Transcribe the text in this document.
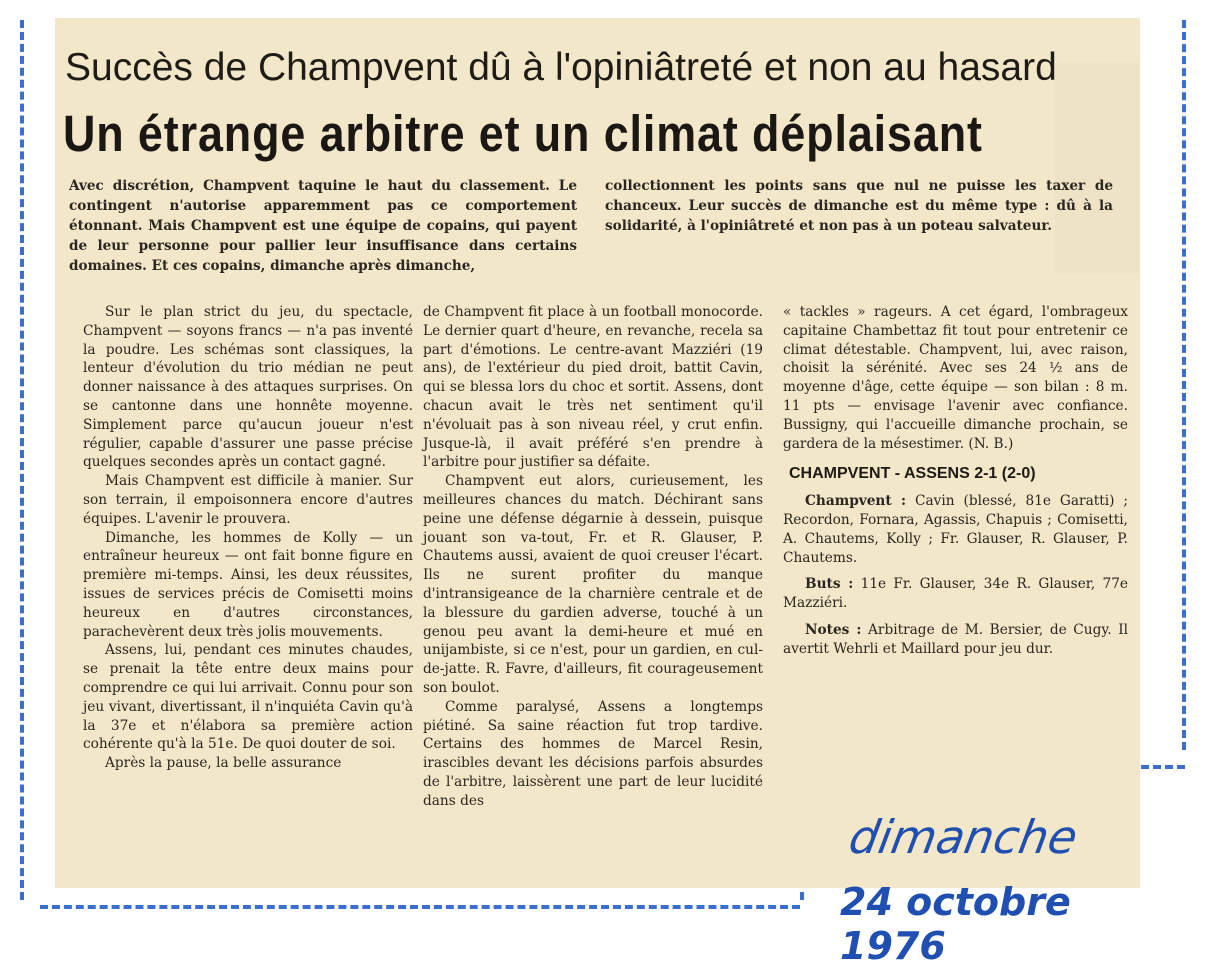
Succès de Champvent dû à l'opiniâtreté et non au hasard
Un étrange arbitre et un climat déplaisant
Avec discrétion, Champvent taquine le haut du classement. Le contingent n'autorise apparemment pas ce comportement étonnant. Mais Champvent est une équipe de copains, qui payent de leur personne pour pallier leur insuffisance dans certains domaines. Et ces copains, dimanche après dimanche,
collectionnent les points sans que nul ne puisse les taxer de chanceux. Leur succès de dimanche est du même type : dû à la solidarité, à l'opiniâtreté et non pas à un poteau salvateur.

Sur le plan strict du jeu, du spectacle, Champvent — soyons francs — n'a pas inventé la poudre. Les schémas sont classiques, la lenteur d'évolution du trio médian ne peut donner naissance à des attaques surprises. On se cantonne dans une honnête moyenne. Simplement parce qu'aucun joueur n'est régulier, capable d'assurer une passe précise quelques secondes après un contact gagné.

Mais Champvent est difficile à manier. Sur son terrain, il empoisonnera encore d'autres équipes. L'avenir le prouvera.

Dimanche, les hommes de Kolly — un entraîneur heureux — ont fait bonne figure en première mi-temps. Ainsi, les deux réussites, issues de services précis de Comisetti moins heureux en d'autres circonstances, parachevèrent deux très jolis mouvements.

Assens, lui, pendant ces minutes chaudes, se prenait la tête entre deux mains pour comprendre ce qui lui arrivait. Connu pour son jeu vivant, divertissant, il n'inquiéta Cavin qu'à la 37e et n'élabora sa première action cohérente qu'à la 51e. De quoi douter de soi.

Après la pause, la belle assurance

de Champvent fit place à un football monocorde. Le dernier quart d'heure, en revanche, recela sa part d'émotions. Le centre-avant Mazziéri (19 ans), de l'extérieur du pied droit, battit Cavin, qui se blessa lors du choc et sortit. Assens, dont chacun avait le très net sentiment qu'il n'évoluait pas à son niveau réel, y crut enfin. Jusque-là, il avait préféré s'en prendre à l'arbitre pour justifier sa défaite.

Champvent eut alors, curieusement, les meilleures chances du match. Déchirant sans peine une défense dégarnie à dessein, puisque jouant son va-tout, Fr. et R. Glauser, P. Chautems aussi, avaient de quoi creuser l'écart. Ils ne surent profiter du manque d'intransigeance de la charnière centrale et de la blessure du gardien adverse, touché à un genou peu avant la demi-heure et mué en unijambiste, si ce n'est, pour un gardien, en cul-de-jatte. R. Favre, d'ailleurs, fit courageusement son boulot.

Comme paralysé, Assens a longtemps piétiné. Sa saine réaction fut trop tardive. Certains des hommes de Marcel Resin, irascibles devant les décisions parfois absurdes de l'arbitre, laissèrent une part de leur lucidité dans des

« tackles » rageurs. A cet égard, l'ombrageux capitaine Chambettaz fit tout pour entretenir ce climat détestable. Champvent, lui, avec raison, choisit la sérénité. Avec ses 24 ½ ans de moyenne d'âge, cette équipe — son bilan : 8 m. 11 pts — envisage l'avenir avec confiance. Bussigny, qui l'accueille dimanche prochain, se gardera de la mésestimer. (N. B.)

CHAMPVENT - ASSENS 2-1 (2-0)

Champvent : Cavin (blessé, 81e Garatti) ; Recordon, Fornara, Agassis, Chapuis ; Comisetti, A. Chautems, Kolly ; Fr. Glauser, R. Glauser, P. Chautems.

Buts : 11e Fr. Glauser, 34e R. Glauser, 77e Mazziéri.

Notes : Arbitrage de M. Bersier, de Cugy. Il avertit Wehrli et Maillard pour jeu dur.

dimanche
24 octobre 1976
